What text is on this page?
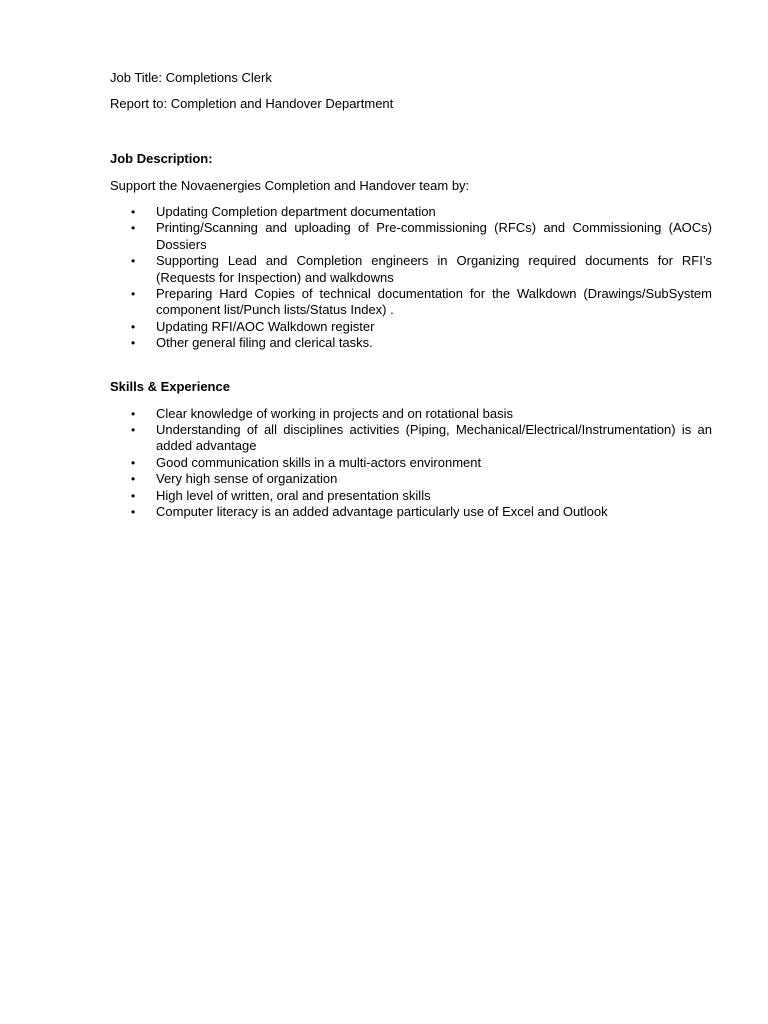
Job Title: Completions Clerk

Report to: Completion and Handover Department

Job Description:

Support the Novaenergies Completion and Handover team by:

• Updating Completion department documentation
• Printing/Scanning and uploading of Pre-commissioning (RFCs) and Commissioning (AOCs) Dossiers
• Supporting Lead and Completion engineers in Organizing required documents for RFI’s (Requests for Inspection) and walkdowns
• Preparing Hard Copies of technical documentation for the Walkdown (Drawings/SubSystem component list/Punch lists/Status Index) .
• Updating RFI/AOC Walkdown register
• Other general filing and clerical tasks.

Skills & Experience

• Clear knowledge of working in projects and on rotational basis
• Understanding of all disciplines activities (Piping, Mechanical/Electrical/Instrumentation) is an added advantage
• Good communication skills in a multi-actors environment
• Very high sense of organization
• High level of written, oral and presentation skills
• Computer literacy is an added advantage particularly use of Excel and Outlook
